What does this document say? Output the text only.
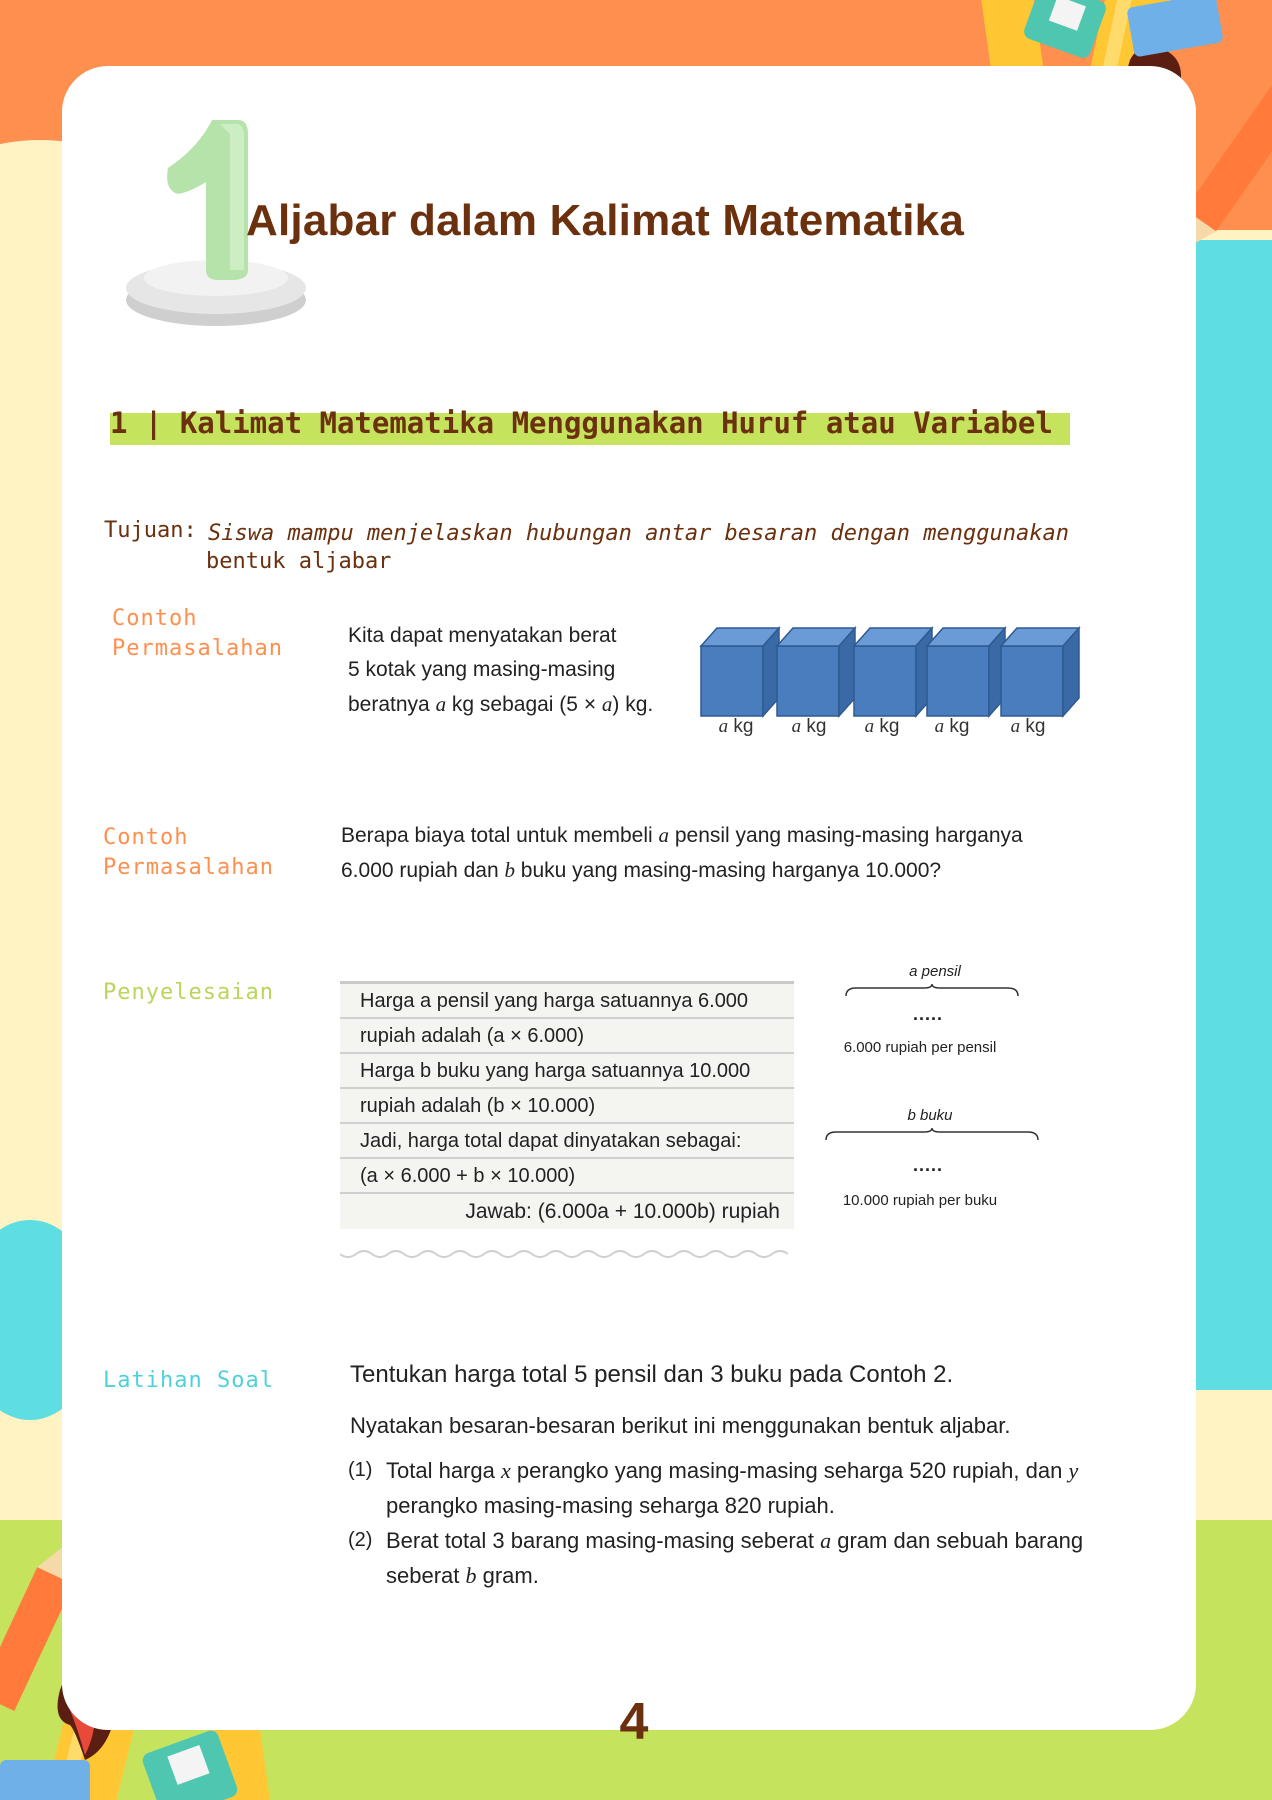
Aljabar dalam Kalimat Matematika
1 | Kalimat Matematika Menggunakan Huruf atau Variabel
Tujuan: Siswa mampu menjelaskan hubungan antar besaran dengan menggunakan
bentuk aljabar
Contoh
Permasalahan
Kita dapat menyatakan berat
5 kotak yang masing-masing
beratnya a kg sebagai (5 × a) kg.
a kg	a kg	a kg	a kg	a kg
Contoh
Permasalahan
Berapa biaya total untuk membeli a pensil yang masing-masing harganya
6.000 rupiah dan b buku yang masing-masing harganya 10.000?
Penyelesaian	Harga a pensil yang harga satuannya 6.000
rupiah adalah (a × 6.000)
Harga b buku yang harga satuannya 10.000
rupiah adalah (b × 10.000)
Jadi, harga total dapat dinyatakan sebagai:
(a × 6.000 + b × 10.000)
Jawab: (6.000a + 10.000b) rupiah
a pensil
.....
6.000 rupiah per pensil
b buku
.....
10.000 rupiah per buku
Latihan Soal	Tentukan harga total 5 pensil dan 3 buku pada Contoh 2.
Nyatakan besaran-besaran berikut ini menggunakan bentuk aljabar.
(1) Total harga x perangko yang masing-masing seharga 520 rupiah, dan y
perangko masing-masing seharga 820 rupiah.
(2) Berat total 3 barang masing-masing seberat a gram dan sebuah barang
seberat b gram.
4
